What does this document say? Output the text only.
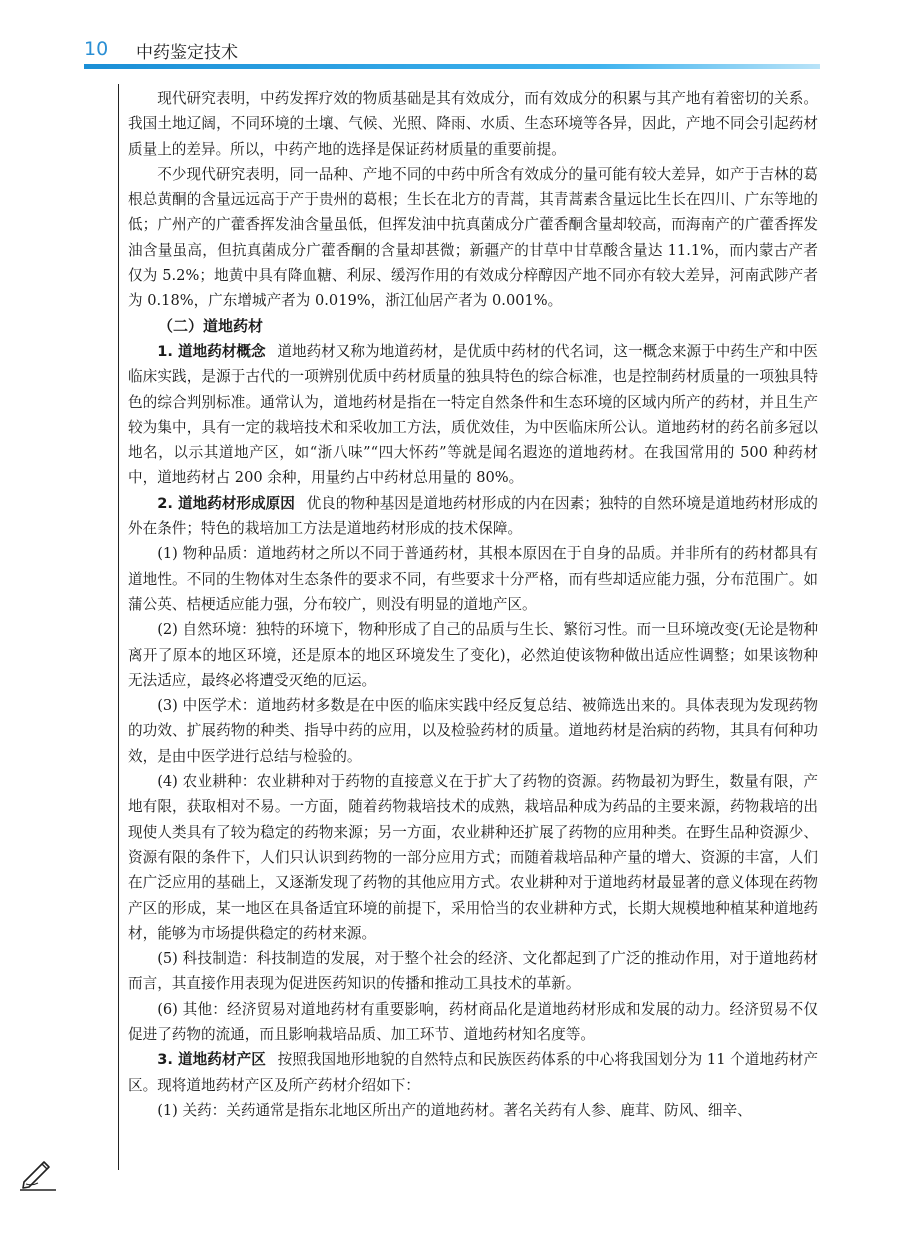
10 中药鉴定技术

现代研究表明，中药发挥疗效的物质基础是其有效成分，而有效成分的积累与其产地有着密切的关系。我国土地辽阔，不同环境的土壤、气候、光照、降雨、水质、生态环境等各异，因此，产地不同会引起药材质量上的差异。所以，中药产地的选择是保证药材质量的重要前提。

不少现代研究表明，同一品种、产地不同的中药中所含有效成分的量可能有较大差异，如产于吉林的葛根总黄酮的含量远远高于产于贵州的葛根；生长在北方的青蒿，其青蒿素含量远比生长在四川、广东等地的低；广州产的广藿香挥发油含量虽低，但挥发油中抗真菌成分广藿香酮含量却较高，而海南产的广藿香挥发油含量虽高，但抗真菌成分广藿香酮的含量却甚微；新疆产的甘草中甘草酸含量达 11.1%，而内蒙古产者仅为 5.2%；地黄中具有降血糖、利尿、缓泻作用的有效成分梓醇因产地不同亦有较大差异，河南武陟产者为 0.18%，广东增城产者为 0.019%，浙江仙居产者为 0.001%。

（二）道地药材

1. 道地药材概念 道地药材又称为地道药材，是优质中药材的代名词，这一概念来源于中药生产和中医临床实践，是源于古代的一项辨别优质中药材质量的独具特色的综合标准，也是控制药材质量的一项独具特色的综合判别标准。通常认为，道地药材是指在一特定自然条件和生态环境的区域内所产的药材，并且生产较为集中，具有一定的栽培技术和采收加工方法，质优效佳，为中医临床所公认。道地药材的药名前多冠以地名，以示其道地产区，如“浙八味”“四大怀药”等就是闻名遐迩的道地药材。在我国常用的 500 种药材中，道地药材占 200 余种，用量约占中药材总用量的 80%。

2. 道地药材形成原因 优良的物种基因是道地药材形成的内在因素；独特的自然环境是道地药材形成的外在条件；特色的栽培加工方法是道地药材形成的技术保障。

(1) 物种品质：道地药材之所以不同于普通药材，其根本原因在于自身的品质。并非所有的药材都具有道地性。不同的生物体对生态条件的要求不同，有些要求十分严格，而有些却适应能力强，分布范围广。如蒲公英、桔梗适应能力强，分布较广，则没有明显的道地产区。

(2) 自然环境：独特的环境下，物种形成了自己的品质与生长、繁衍习性。而一旦环境改变(无论是物种离开了原本的地区环境，还是原本的地区环境发生了变化)，必然迫使该物种做出适应性调整；如果该物种无法适应，最终必将遭受灭绝的厄运。

(3) 中医学术：道地药材多数是在中医的临床实践中经反复总结、被筛选出来的。具体表现为发现药物的功效、扩展药物的种类、指导中药的应用，以及检验药材的质量。道地药材是治病的药物，其具有何种功效，是由中医学进行总结与检验的。

(4) 农业耕种：农业耕种对于药物的直接意义在于扩大了药物的资源。药物最初为野生，数量有限，产地有限，获取相对不易。一方面，随着药物栽培技术的成熟，栽培品种成为药品的主要来源，药物栽培的出现使人类具有了较为稳定的药物来源；另一方面，农业耕种还扩展了药物的应用种类。在野生品种资源少、资源有限的条件下，人们只认识到药物的一部分应用方式；而随着栽培品种产量的增大、资源的丰富，人们在广泛应用的基础上，又逐渐发现了药物的其他应用方式。农业耕种对于道地药材最显著的意义体现在药物产区的形成，某一地区在具备适宜环境的前提下，采用恰当的农业耕种方式，长期大规模地种植某种道地药材，能够为市场提供稳定的药材来源。

(5) 科技制造：科技制造的发展，对于整个社会的经济、文化都起到了广泛的推动作用，对于道地药材而言，其直接作用表现为促进医药知识的传播和推动工具技术的革新。

(6) 其他：经济贸易对道地药材有重要影响，药材商品化是道地药材形成和发展的动力。经济贸易不仅促进了药物的流通，而且影响栽培品质、加工环节、道地药材知名度等。

3. 道地药材产区 按照我国地形地貌的自然特点和民族医药体系的中心将我国划分为 11 个道地药材产区。现将道地药材产区及所产药材介绍如下：

(1) 关药：关药通常是指东北地区所出产的道地药材。著名关药有人参、鹿茸、防风、细辛、
